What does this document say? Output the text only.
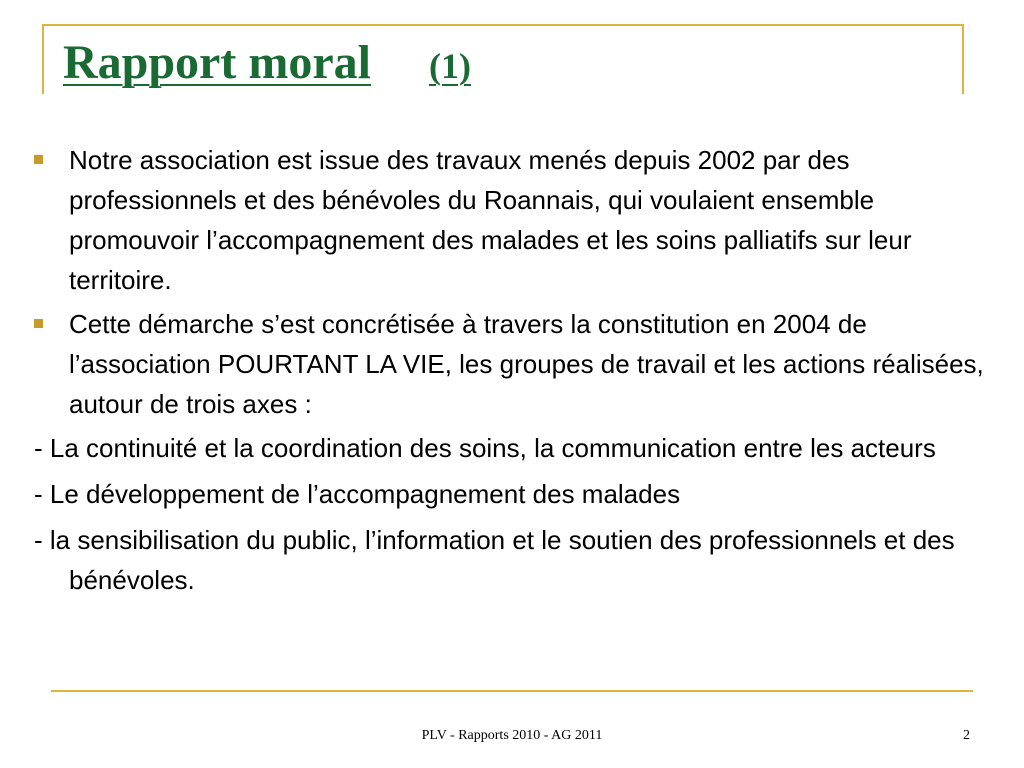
Rapport moral (1)
Notre association est issue des travaux menés depuis 2002 par des professionnels et des bénévoles du Roannais, qui voulaient ensemble promouvoir l’accompagnement des malades et les soins palliatifs sur leur territoire.
Cette démarche s’est concrétisée à travers la constitution en 2004 de l’association POURTANT LA VIE, les groupes de travail et les actions réalisées, autour de trois axes :
- La continuité et la coordination des soins, la communication entre les acteurs
- Le développement de l’accompagnement des malades
- la sensibilisation du public, l’information et le soutien des professionnels et des bénévoles.
PLV - Rapports 2010 - AG 2011	2
